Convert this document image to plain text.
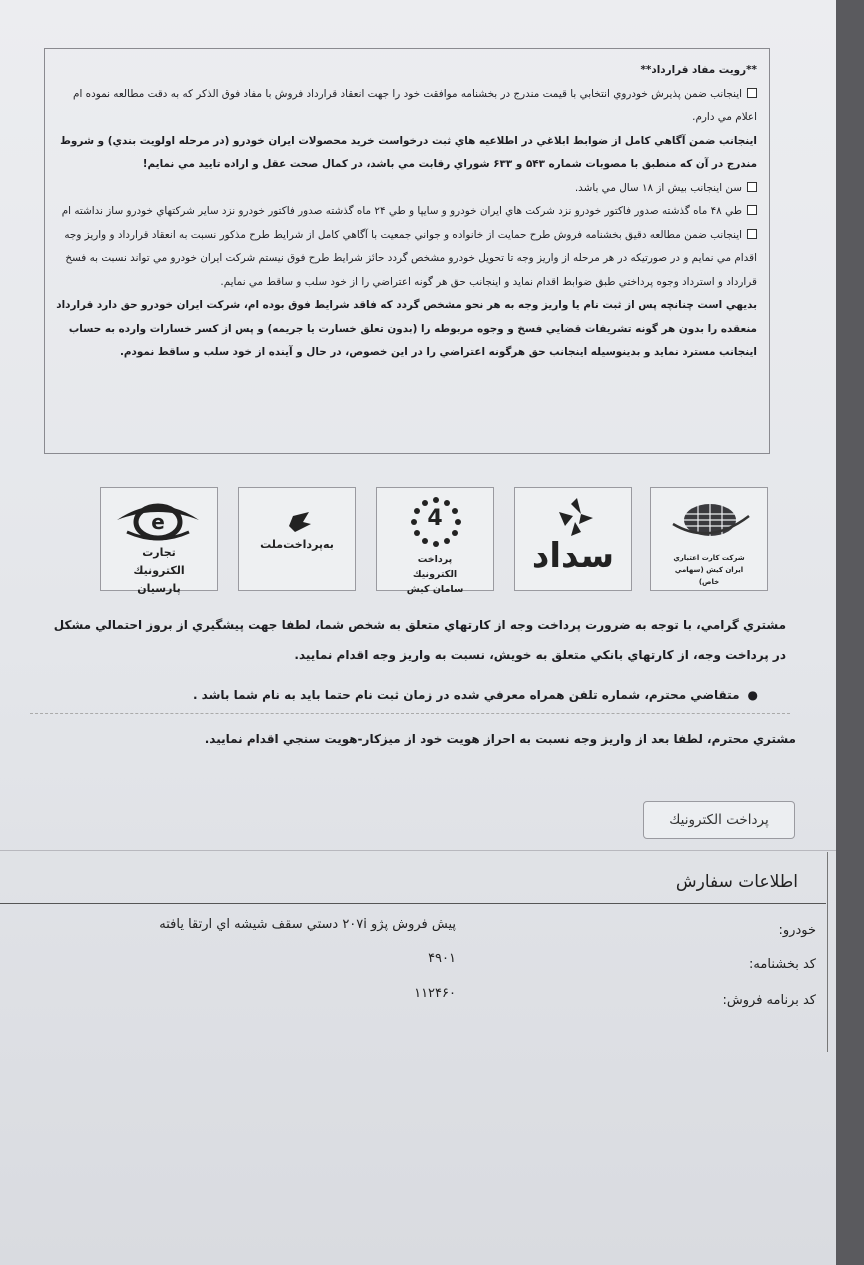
**رويت مفاد قرارداد**

اينجانب ضمن پذيرش خودروي انتخابي با قيمت مندرج در بخشنامه موافقت خود را جهت انعقاد قرارداد فروش با مفاد فوق الذكر كه به دقت مطالعه نموده ام اعلام مي دارم.

اينجانب ضمن آگاهي كامل از ضوابط ابلاغي در اطلاعيه هاي ثبت درخواست خريد محصولات ايران خودرو (در مرحله اولويت بندي) و شروط مندرج در آن كه منطبق با مصوبات شماره ۵۴۳ و ۶۳۳ شوراي رقابت مي باشد، در كمال صحت عقل و اراده تاييد مي نمايم!

سن اينجانب بيش از ۱۸ سال مي باشد.

طي ۴۸ ماه گذشته صدور فاكتور خودرو نزد شركت هاي ايران خودرو و سايپا و طي ۲۴ ماه گذشته صدور فاكتور خودرو نزد ساير شركتهاي خودرو ساز نداشته ام

اينجانب ضمن مطالعه دقيق بخشنامه فروش طرح حمايت از خانواده و جواني جمعيت با آگاهي كامل از شرايط طرح مذكور نسبت به انعقاد قرارداد و واريز وجه اقدام مي نمايم و در صورتيكه در هر مرحله از واريز وجه تا تحويل خودرو مشخص گردد حائز شرايط طرح فوق نيستم شركت ايران خودرو مي تواند نسبت به فسخ قرارداد و استرداد وجوه پرداختي طبق ضوابط اقدام نمايد و اينجانب حق هر گونه اعتراضي را از خود سلب و ساقط مي نمايم.

بديهي است چنانچه پس از ثبت نام يا واريز وجه به هر نحو مشخص گردد كه فاقد شرايط فوق بوده ام، شركت ايران خودرو حق دارد قرارداد منعقده را بدون هر گونه تشريفات قضايي فسخ و وجوه مربوطه را (بدون تعلق خسارت يا جريمه) و پس از كسر خسارات وارده به حساب اينجانب مسترد نمايد و بدينوسيله اينجانب حق هرگونه اعتراضي را در اين خصوص، در حال و آينده از خود سلب و ساقط نمودم.

e
تجارت الكترونيك پارسيان
به‌پرداخت‌ملت
4
پرداخت الكترونيك سامان كيش
سداد	شركت كارت اعتباري ايران كيش (سهامي خاص)

مشتري گرامي، با توجه به ضرورت پرداخت وجه از كارتهاي متعلق به شخص شما، لطفا جهت پيشگيري از بروز احتمالي مشكل در پرداخت وجه، از كارتهاي بانكي متعلق به خويش، نسبت به واريز وجه اقدام نماييد.

●متقاضي محترم، شماره تلفن همراه معرفي شده در زمان ثبت نام حتما بايد به نام شما باشد .

مشتري محترم، لطفا بعد از واريز وجه نسبت به احراز هويت خود از ميزكار-هويت سنجي اقدام نماييد.
پرداخت الكترونيك
اطلاعات سفارش
خودرو:
پيش فروش پژو ۲۰۷i دستي سقف شيشه اي ارتقا يافته
كد بخشنامه:
۴۹۰۱
كد برنامه فروش:
۱۱۲۴۶۰
